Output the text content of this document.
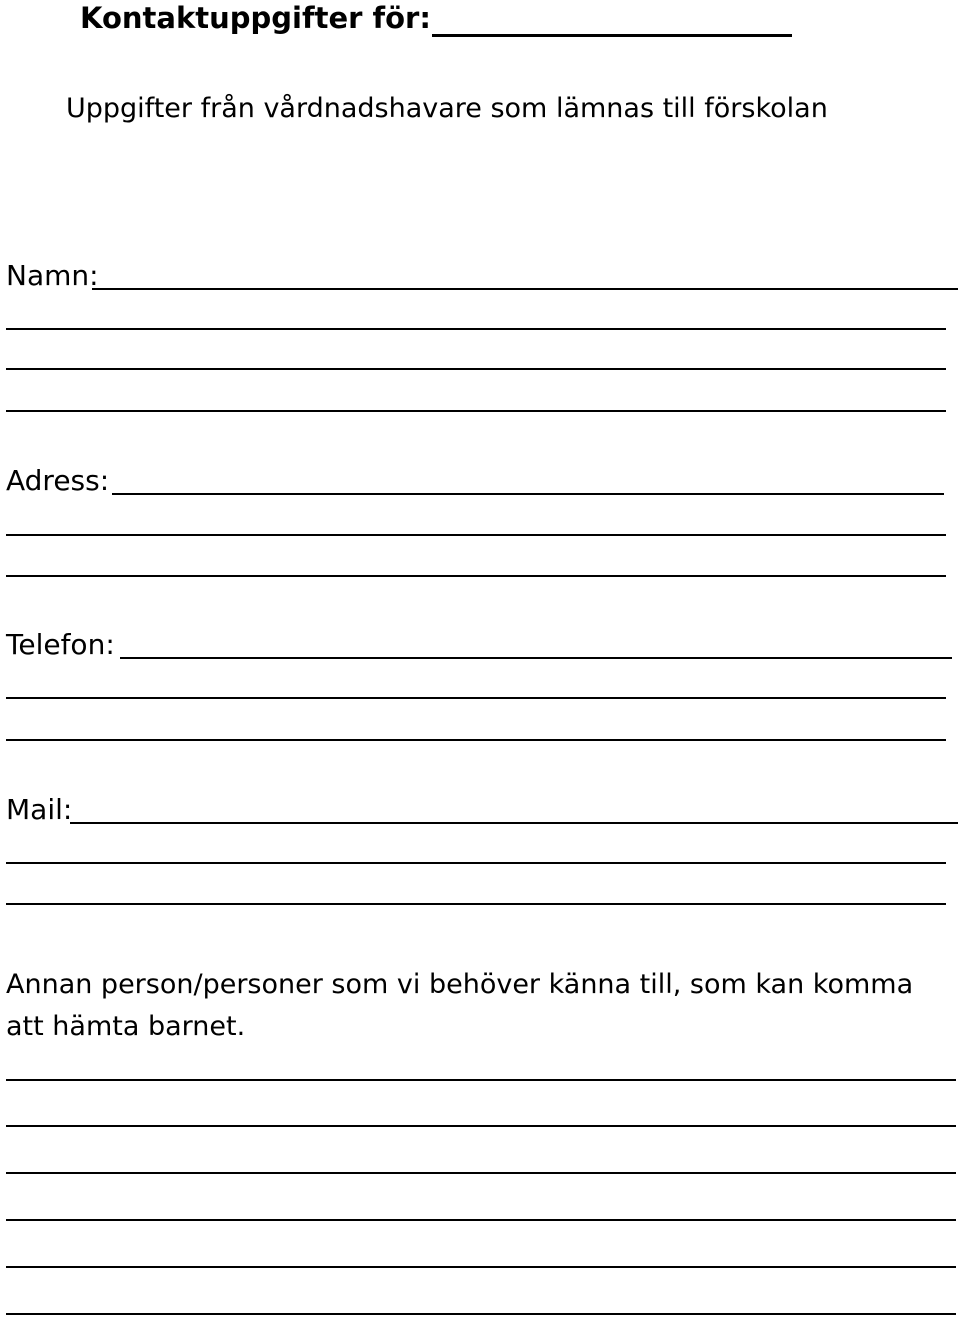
Kontaktuppgifter för:
Uppgifter från vårdnadshavare som lämnas till förskolan
Namn:
Adress:
Telefon:
Mail:
Annan person/personer som vi behöver känna till, som kan komma att hämta barnet.
